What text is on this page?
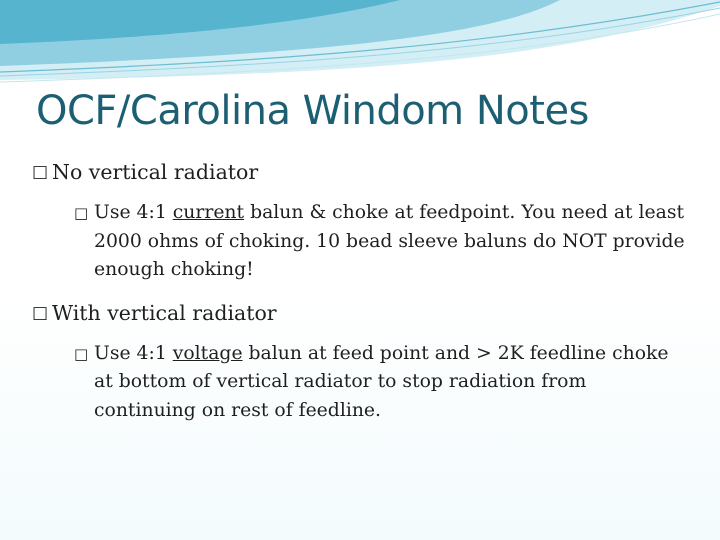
OCF/Carolina Windom Notes
□ No vertical radiator
□ Use 4:1 current balun & choke at feedpoint. You need at least 2000 ohms of choking. 10 bead sleeve baluns do NOT provide enough choking!
□ With vertical radiator
□ Use 4:1 voltage balun at feed point and > 2K feedline choke at bottom of vertical radiator to stop radiation from continuing on rest of feedline.
